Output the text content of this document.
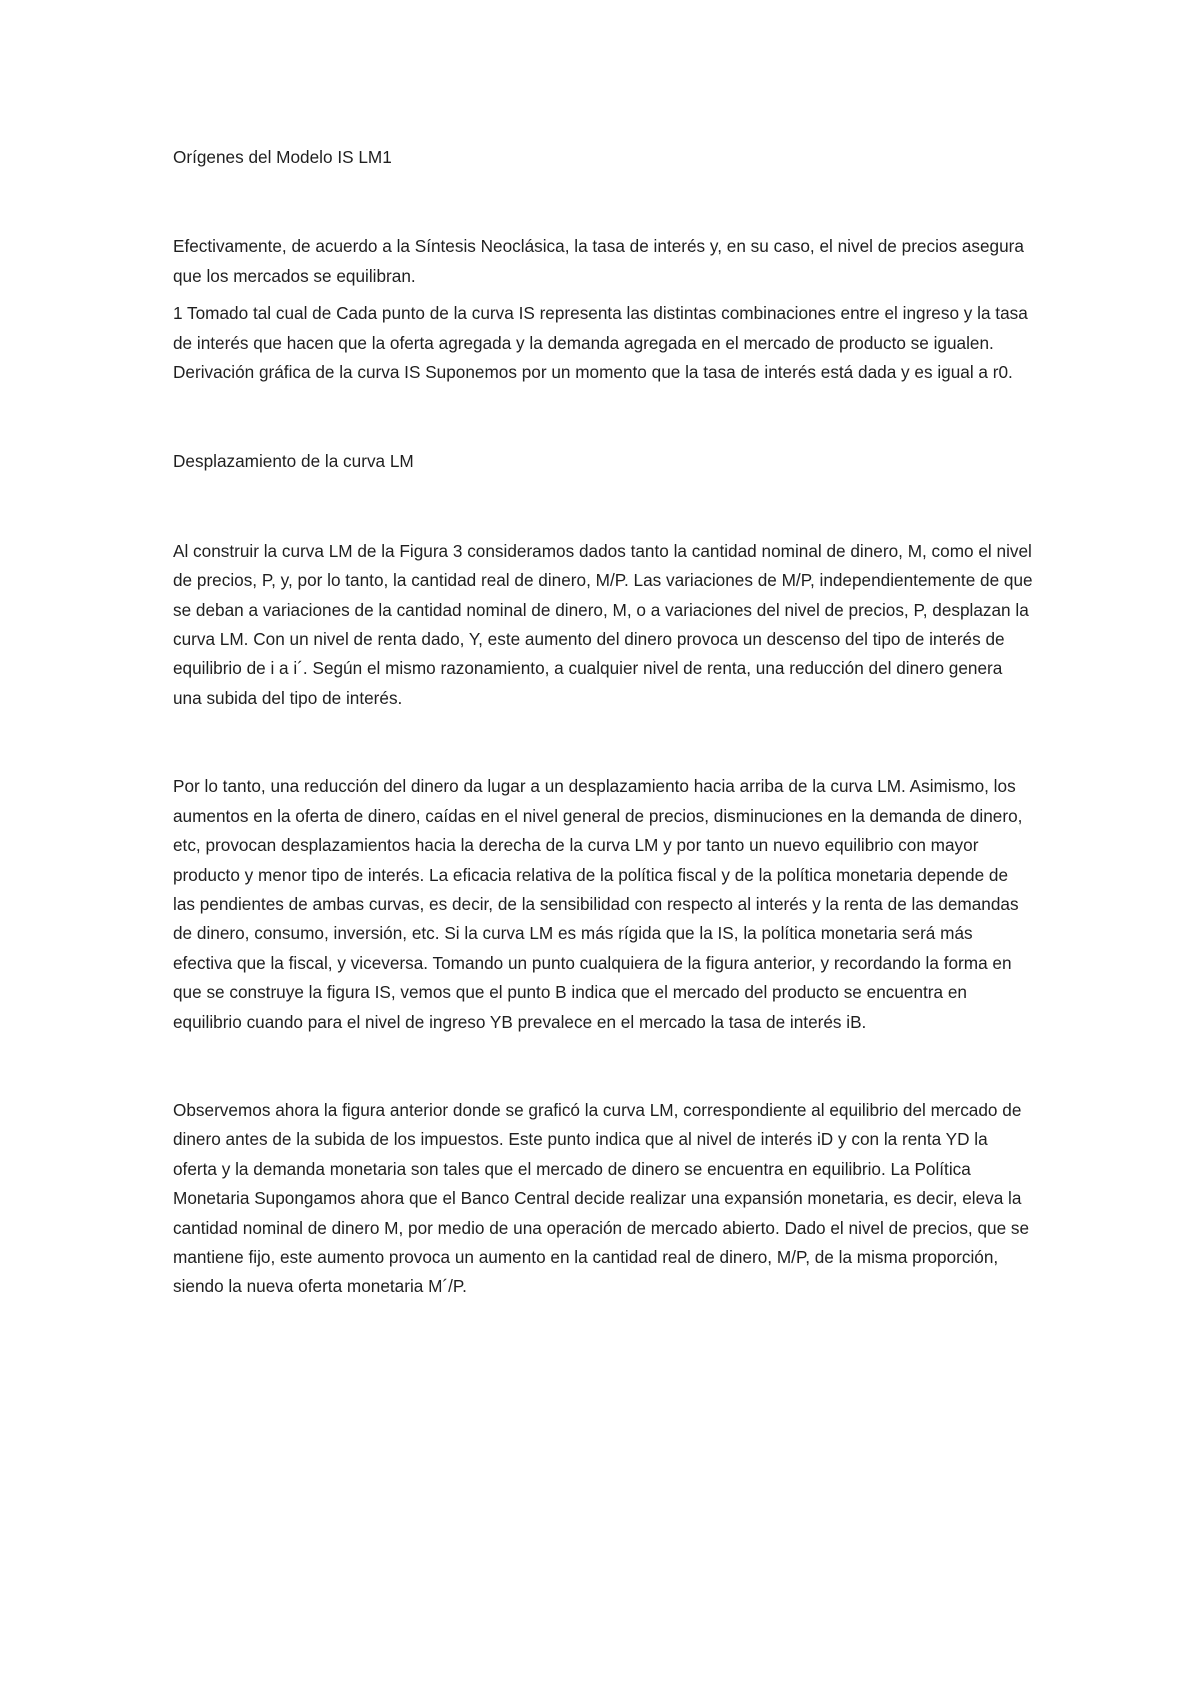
Orígenes del Modelo IS LM1

Efectivamente, de acuerdo a la Síntesis Neoclásica, la tasa de interés y, en su caso, el nivel de precios asegura que los mercados se equilibran.

1 Tomado tal cual de Cada punto de la curva IS representa las distintas combinaciones entre el ingreso y la tasa de interés que hacen que la oferta agregada y la demanda agregada en el mercado de producto se igualen. Derivación gráfica de la curva IS Suponemos por un momento que la tasa de interés está dada y es igual a r0.

Desplazamiento de la curva LM

Al construir la curva LM de la Figura 3 consideramos dados tanto la cantidad nominal de dinero, M, como el nivel de precios, P, y, por lo tanto, la cantidad real de dinero, M/P. Las variaciones de M/P, independientemente de que se deban a variaciones de la cantidad nominal de dinero, M, o a variaciones del nivel de precios, P, desplazan la curva LM. Con un nivel de renta dado, Y, este aumento del dinero provoca un descenso del tipo de interés de equilibrio de i a i´. Según el mismo razonamiento, a cualquier nivel de renta, una reducción del dinero genera una subida del tipo de interés.

Por lo tanto, una reducción del dinero da lugar a un desplazamiento hacia arriba de la curva LM. Asimismo, los aumentos en la oferta de dinero, caídas en el nivel general de precios, disminuciones en la demanda de dinero, etc, provocan desplazamientos hacia la derecha de la curva LM y por tanto un nuevo equilibrio con mayor producto y menor tipo de interés. La eficacia relativa de la política fiscal y de la política monetaria depende de las pendientes de ambas curvas, es decir, de la sensibilidad con respecto al interés y la renta de las demandas de dinero, consumo, inversión, etc. Si la curva LM es más rígida que la IS, la política monetaria será más efectiva que la fiscal, y viceversa. Tomando un punto cualquiera de la figura anterior, y recordando la forma en que se construye la figura IS, vemos que el punto B indica que el mercado del producto se encuentra en equilibrio cuando para el nivel de ingreso YB prevalece en el mercado la tasa de interés iB.

Observemos ahora la figura anterior donde se graficó la curva LM, correspondiente al equilibrio del mercado de dinero antes de la subida de los impuestos. Este punto indica que al nivel de interés iD y con la renta YD la oferta y la demanda monetaria son tales que el mercado de dinero se encuentra en equilibrio. La Política Monetaria Supongamos ahora que el Banco Central decide realizar una expansión monetaria, es decir, eleva la cantidad nominal de dinero M, por medio de una operación de mercado abierto. Dado el nivel de precios, que se mantiene fijo, este aumento provoca un aumento en la cantidad real de dinero, M/P, de la misma proporción, siendo la nueva oferta monetaria M´/P.
